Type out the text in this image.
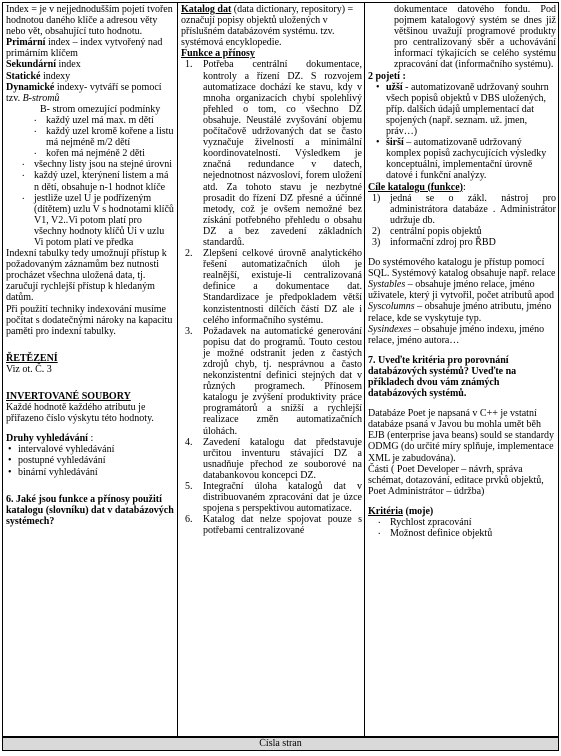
Index = je v nejjednodušším pojetí tvořen hodnotou daného klíče a adresou věty nebo vět, obsahující tuto hodnotu.

Primární index – index vytvořený nad primárním klíčem

Sekundární index

Statické indexy

Dynamické indexy- vytváří se pomocí tzv. B-stromů

B- strom omezující podmínky

. každý uzel má max. m dětí
. každý uzel kromě kořene a listu má nejméně m/2 dětí
. kořen má nejméně 2 děti
. všechny listy jsou na stejné úrovni
. každý uzel, kterýnení listem a má n dětí, obsahuje n-1 hodnot klíče
. jestliže uzel U je podřízeným (dítětem) uzlu V s hodnotami klíčů V1, V2..Vi potom platí pro všechny hodnoty klíčů Ui v uzlu Vi potom platí ve předka

Indexní tabulky tedy umožnují přístup k požadovaným záznamům bez nutnosti procházet všechna uložená data, tj. zaručují rychlejší přístup k hledaným datům.

Při použití techniky indexování musíme počítat s dodatečnými nároky na kapacitu paměti pro indexní tabulky.

ŘETĚZENÍ

Viz ot. Č. 3

INVERTOVANÉ SOUBORY

Každé hodnotě každého atributu je přiřazeno číslo výskytu této hodnoty.

Druhy vyhledávání :

• intervalové vyhledávání
• postupné vyhledávání
• binární vyhledávání

6. Jaké jsou funkce a přínosy použití katalogu (slovníku) dat v databázových systémech?

Katalog dat (data dictionary, repository) = označují popisy objektů uložených v příslušném databázovém systému. tzv. systémová encyklopedie.

Funkce a přínosy

1. Potřeba centrální dokumentace, kontroly a řízení DZ. S rozvojem automatizace dochází ke stavu, kdy v mnoha organizacích chybí spolehlivý přehled o tom, co všechno DZ obsahuje. Neustálé zvyšování objemu počítačově udržovaných dat se často vyznačuje živelností a minimální koordinovatelností. Výsledkem je značná redundance v datech, nejednotnost názvosloví, forem uložení atd. Za tohoto stavu je nezbytné prosadit do řízení DZ přesné a účinné metody, což je ovšem nemožné bez získání potřebného přehledu o obsahu DZ a bez zavedení základních standardů.
2. Zlepšení celkové úrovně analytického řešení automatizačních úloh je realnější, existuje-li centralizovaná definice a dokumentace dat. Standardizace je předpokladem větší konzistentnosti dílčích částí DZ ale i celého informačního systému.
3. Požadavek na automatické generování popisu dat do programů. Touto cestou je možné odstranit jeden z častých zdrojů chyb, tj. nesprávnou a často nekonzistentní definici stejných dat v různých programech. Přínosem katalogu je zvýšení produktivity práce programátorů a snížší a rychlejší realizace změn automatizačních úlohách.
4. Zavedení katalogu dat představuje určitou inventuru stávající DZ a usnadňuje přechod ze souborové na databankovou koncepci DZ.
5. Integrační úloha katalogů dat v distribuovaném zpracování dat je úzce spojena s perspektivou automatizace.
6. Katalog dat nelze spojovat pouze s potřebami centralizované

dokumentace datového fondu. Pod pojmem katalogový systém se dnes již většinou uvažují programové produkty pro centralizovaný sběr a uchovávání informací týkajících se celého systému zpracování dat (informačního systému).

2 pojetí :

• užší - automatizovaně udržovaný souhrn všech popisů objektů v DBS uložených, příp. dalších údajů umplementací dat spojených (např. seznam. už. jmen, práv…)
• širší – automatizovaně udržovaný komplex popisů zachycujících výsledky konceptuální, implementační úrovně datové i funkční analýzy.

Cíle katalogu (funkce):

1) jedná se o zákl. nástroj pro administrátora databáze . Administrátor udržuje db.
2) centrální popis objektů
3) informační zdroj pro ŘBD

Do systémového katalogu je přístup pomocí SQL. Systémový katalog obsahuje např. relace

Systables – obsahuje jméno relace, jméno uživatele, který ji vytvořil, počet atributů apod

Syscolumns – obsahuje jméno atributu, jméno relace, kde se vyskytuje typ.

Sysindexes – obsahuje jméno indexu, jméno relace, jméno autora…

7. Uveďte kritéria pro porovnání databázových systémů? Uveďte na příkladech dvou vám známých databázových systémů.

Databáze Poet je napsaná v C++ je vstatní databáze psaná v Javou bu mohla umět běh EJB (enterprise java beans) sould se standardy ODMG (do určité míry splňuje, implementace XML je zabudována).

Části ( Poet Developer – návrh, správa schémat, dotazování, editace prvků objektů, Poet Administrátor – údržba)

Kritéria (moje)

. Rychlost zpracování
. Možnost definice objektů
Čísla stran
